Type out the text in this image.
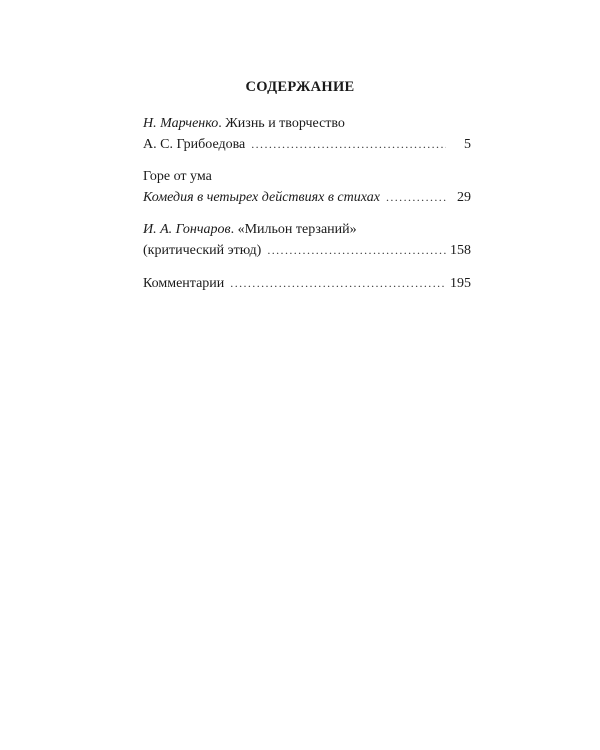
СОДЕРЖАНИЕ
Н. Марченко. Жизнь и творчество
А. С. Грибоедова .....	5
Горе от ума
Комедия в четырех действиях в стихах .....	29
И. А. Гончаров. «Мильон терзаний»
(критический этюд) .....	158
Комментарии .....	195
